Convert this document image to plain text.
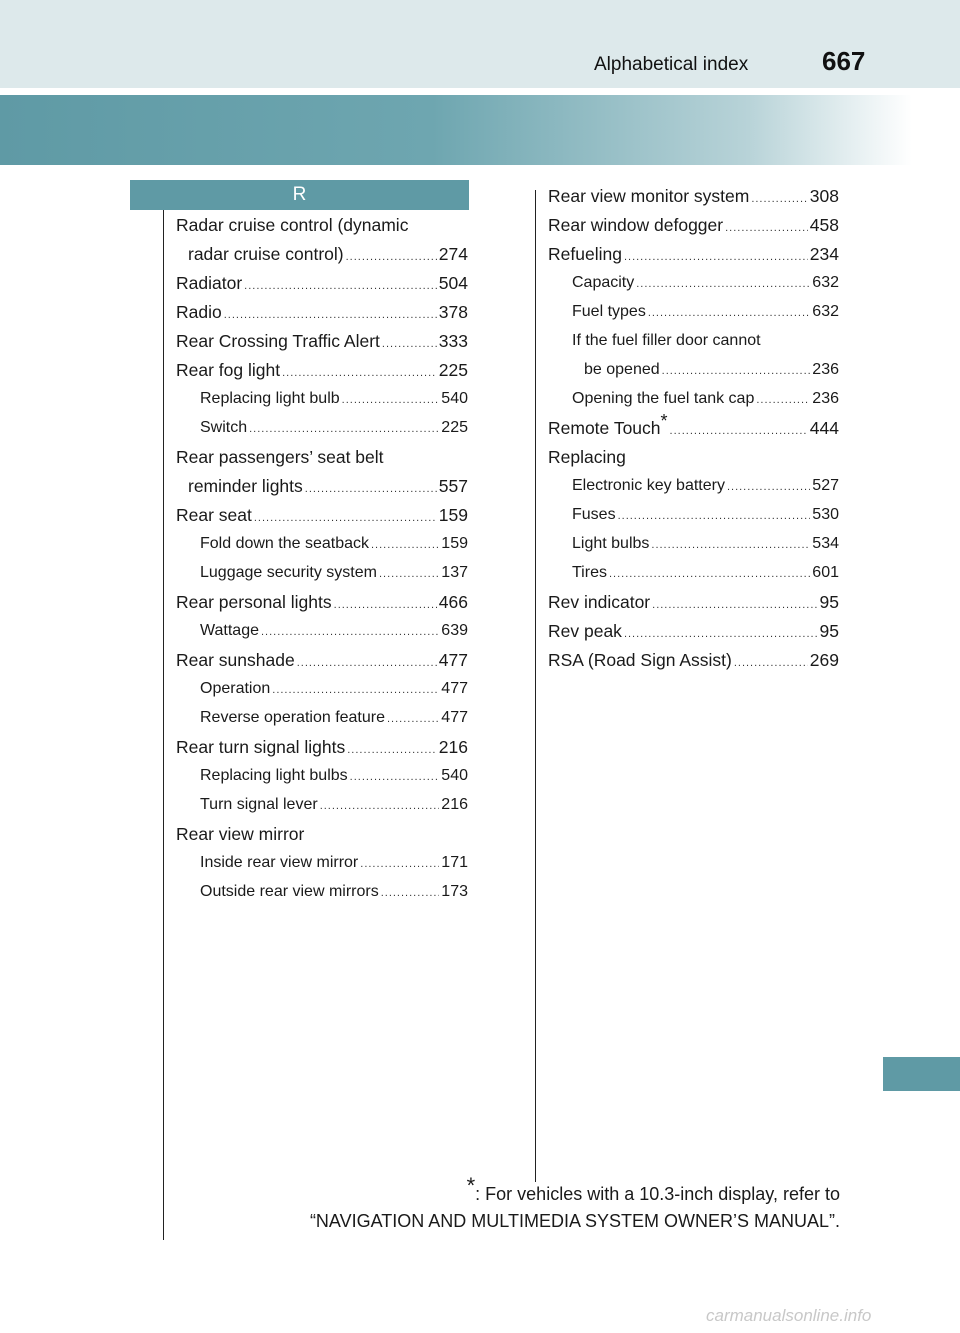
Alphabetical index	667
R
Radar cruise control (dynamic
radar cruise control) .....	274
Radiator .....	504
Radio .....	378
Rear Crossing Traffic Alert .....	333
Rear fog light .....	225
Replacing light bulb .....	540
Switch .....	225
Rear passengers’ seat belt
reminder lights .....	557
Rear seat .....	159
Fold down the seatback .....	159
Luggage security system .....	137
Rear personal lights .....	466
Wattage .....	639
Rear sunshade .....	477
Operation .....	477
Reverse operation feature .....	477
Rear turn signal lights .....	216
Replacing light bulbs .....	540
Turn signal lever .....	216
Rear view mirror
Inside rear view mirror .....	171
Outside rear view mirrors .....	173
Rear view monitor system .....	308
Rear window defogger .....	458
Refueling .....	234
Capacity .....	632
Fuel types .....	632
If the fuel filler door cannot
be opened .....	236
Opening the fuel tank cap .....	236
Remote Touch* .....	444
Replacing
Electronic key battery .....	527
Fuses .....	530
Light bulbs .....	534
Tires .....	601
Rev indicator .....	95
Rev peak .....	95
RSA (Road Sign Assist) .....	269
*: For vehicles with a 10.3-inch display, refer to
“NAVIGATION AND MULTIMEDIA SYSTEM OWNER’S MANUAL”.
carmanualsonline.info
